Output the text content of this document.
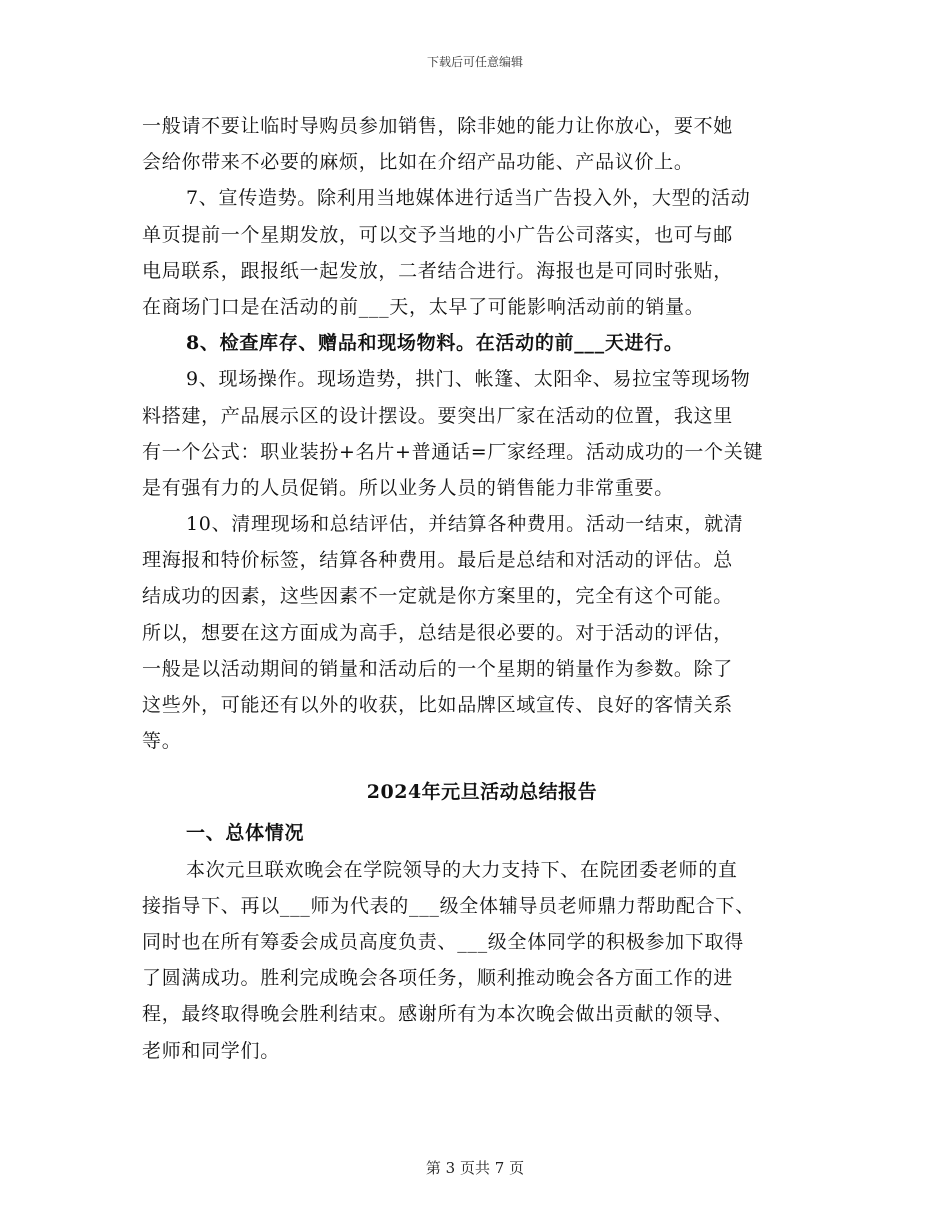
下载后可任意编辑
一般请不要让临时导购员参加销售，除非她的能力让你放心，要不她
会给你带来不必要的麻烦，比如在介绍产品功能、产品议价上。
7、宣传造势。除利用当地媒体进行适当广告投入外，大型的活动
单页提前一个星期发放，可以交予当地的小广告公司落实，也可与邮
电局联系，跟报纸一起发放，二者结合进行。海报也是可同时张贴，
在商场门口是在活动的前___天，太早了可能影响活动前的销量。
8、检查库存、赠品和现场物料。在活动的前___天进行。
9、现场操作。现场造势，拱门、帐篷、太阳伞、易拉宝等现场物
料搭建，产品展示区的设计摆设。要突出厂家在活动的位置，我这里
有一个公式：职业装扮+名片+普通话=厂家经理。活动成功的一个关键
是有强有力的人员促销。所以业务人员的销售能力非常重要。
10、清理现场和总结评估，并结算各种费用。活动一结束，就清
理海报和特价标签，结算各种费用。最后是总结和对活动的评估。总
结成功的因素，这些因素不一定就是你方案里的，完全有这个可能。
所以，想要在这方面成为高手，总结是很必要的。对于活动的评估，
一般是以活动期间的销量和活动后的一个星期的销量作为参数。除了
这些外，可能还有以外的收获，比如品牌区域宣传、良好的客情关系
等。
2024年元旦活动总结报告
一、总体情况
本次元旦联欢晚会在学院领导的大力支持下、在院团委老师的直
接指导下、再以___师为代表的___级全体辅导员老师鼎力帮助配合下、
同时也在所有筹委会成员高度负责、___级全体同学的积极参加下取得
了圆满成功。胜利完成晚会各项任务，顺利推动晚会各方面工作的进
程，最终取得晚会胜利结束。感谢所有为本次晚会做出贡献的领导、
老师和同学们。
第 3 页共 7 页
